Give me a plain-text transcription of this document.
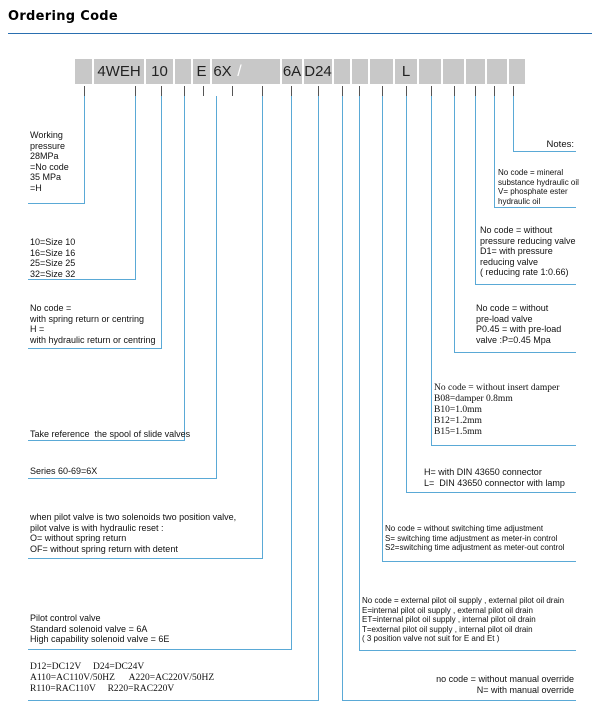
Ordering Code
4WEH 10	E 6X /	6A D24	L
Notes:
Working
pressure
28MPa
=No code
35 MPa
=H
10=Size 10
16=Size 16
25=Size 25
32=Size 32
No code =
with spring return or centring
H =
with hydraulic return or centring
Take reference  the spool of slide valves
Series 60-69=6X
when pilot valve is two solenoids two position valve,
pilot valve is with hydraulic reset :
O= without spring return
OF= without spring return with detent
Pilot control valve
Standard solenoid valve = 6A
High capability solenoid valve = 6E
D12=DC12V     D24=DC24V
A110=AC110V/50HZ      A220=AC220V/50HZ
R110=RAC110V     R220=RAC220V
No code = mineral
substance hydraulic oil
V= phosphate ester
hydraulic oil
No code = without
pressure reducing valve
D1= with pressure
reducing valve
( reducing rate 1:0.66)
No code = without
pre-load valve
P0.45 = with pre-load
valve :P=0.45 Mpa
No code = without insert damper
B08=damper 0.8mm
B10=1.0mm
B12=1.2mm
B15=1.5mm
H= with DIN 43650 connector
L=  DIN 43650 connector with lamp
No code = without switching time adjustment
S= switching time adjustment as meter-in control
S2=switching time adjustment as meter-out control
No code = external pilot oil supply , external pilot oil drain
E=internal pilot oil supply , external pilot oil drain
ET=internal pilot oil supply , internal pilot oil drain
T=external pilot oil supply , internal pilot oil drain
( 3 position valve not suit for E and Et )
no code = without manual override
N= with manual override
